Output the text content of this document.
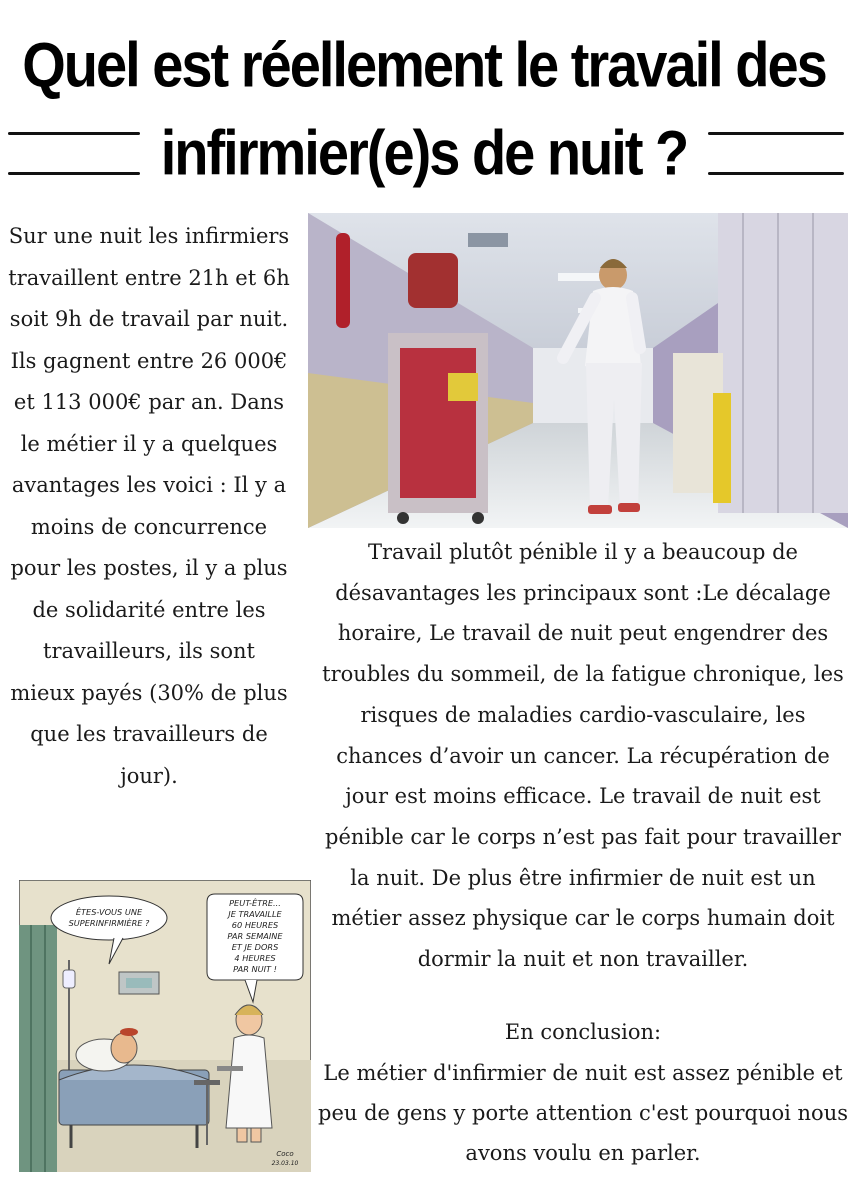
Quel est réellement le travail des
infirmier(e)s de nuit ?

Sur une nuit les infirmiers travaillent entre 21h et 6h soit 9h de travail par nuit. Ils gagnent entre 26 000€ et 113 000€ par an. Dans le métier il y a quelques avantages les voici : Il y a moins de concurrence pour les postes, il y a plus de solidarité entre les travailleurs, ils sont mieux payés (30% de plus que les travailleurs de jour).

Travail plutôt pénible il y a beaucoup de désavantages les principaux sont :Le décalage horaire, Le travail de nuit peut engendrer des troubles du sommeil, de la fatigue chronique, les risques de maladies cardio-vasculaire, les chances d’avoir un cancer. La récupération de jour est moins efficace. Le travail de nuit est pénible car le corps n’est pas fait pour travailler la nuit. De plus être infirmier de nuit est un métier assez physique car le corps humain doit dormir la nuit et non travailler.

En conclusion:

Le métier d'infirmier de nuit est assez pénible et peu de gens y porte attention c'est pourquoi nous avons voulu en parler.

ÊTES-VOUS UNE
SUPERINFIRMIÈRE ?
PEUT-ÊTRE...
JE TRAVAILLE
60 HEURES
PAR SEMAINE
ET JE DORS
4 HEURES
PAR NUIT !
Coco
23.03.10
